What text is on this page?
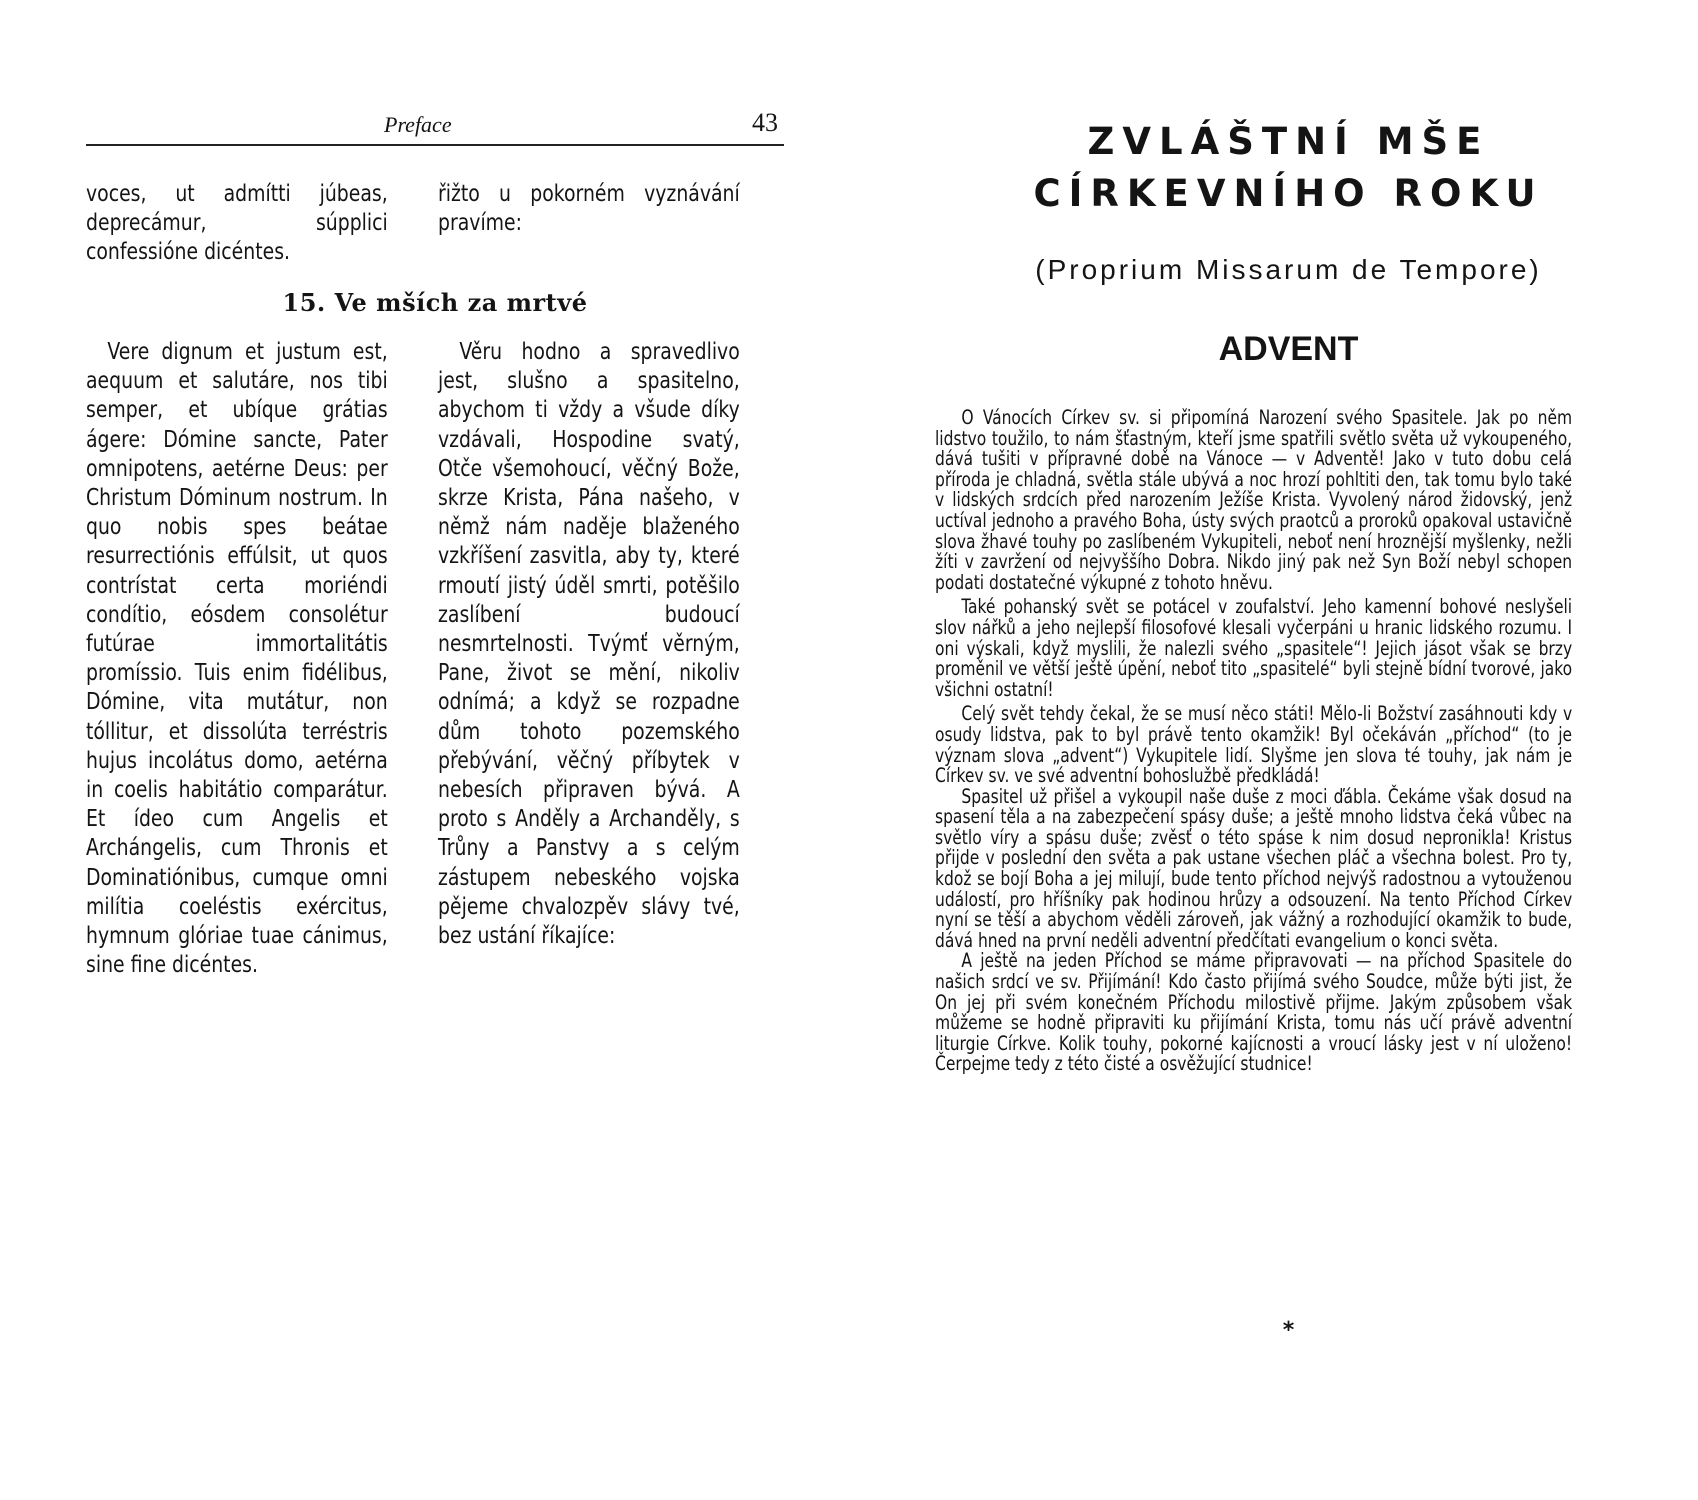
Preface	43

voces, ut admítti júbeas, deprecámur, súpplici confessióne dicéntes.

řižto u pokorném vyznávání pravíme:

15. Ve mších za mrtvé

Vere dignum et justum est, aequum et salutáre, nos tibi semper, et ubíque grátias ágere: Dómine sancte, Pater omnipotens, aetérne Deus: per Christum Dóminum nostrum. In quo nobis spes beátae resurrectiónis effúlsit, ut quos contrístat certa moriéndi condítio, eósdem consolétur futúrae immortalitátis promíssio. Tuis enim fidélibus, Dómine, vita mutátur, non tóllitur, et dissolúta terréstris hujus incolátus domo, aetérna in coelis habitátio comparátur. Et ídeo cum Angelis et Archángelis, cum Thronis et Dominatiónibus, cumque omni milítia coeléstis exércitus, hymnum glóriae tuae cánimus, sine fine dicéntes.

Věru hodno a spravedlivo jest, slušno a spasitelno, abychom ti vždy a všude díky vzdávali, Hospodine svatý, Otče všemohoucí, věčný Bože, skrze Krista, Pána našeho, v němž nám naděje blaženého vzkříšení zasvitla, aby ty, které rmoutí jistý úděl smrti, potěšilo zaslíbení budoucí nesmrtelnosti. Tvýmť věrným, Pane, život se mění, nikoliv odnímá; a když se rozpadne dům tohoto pozemského přebývání, věčný příbytek v nebesích připraven bývá. A proto s Anděly a Archanděly, s Trůny a Panstvy a s celým zástupem nebeského vojska pějeme chvalozpěv slávy tvé, bez ustání říkajíce:

ZVLÁŠTNÍ MŠE
CÍRKEVNÍHO ROKU
(Proprium Missarum de Tempore)
ADVENT

O Vánocích Církev sv. si připomíná Narození svého Spasitele. Jak po něm lidstvo toužilo, to nám šťastným, kteří jsme spatřili světlo světa už vykoupeného, dává tušiti v přípravné době na Vánoce — v Adventě! Jako v tuto dobu celá příroda je chladná, světla stále ubývá a noc hrozí pohltiti den, tak tomu bylo také v lidských srdcích před narozením Ježíše Krista. Vyvolený národ židovský, jenž uctíval jednoho a pravého Boha, ústy svých praotců a proroků opakoval ustavičně slova žhavé touhy po zaslíbeném Vykupiteli, neboť není hroznější myšlenky, nežli žíti v zavržení od nejvyššího Dobra. Nikdo jiný pak než Syn Boží nebyl schopen podati dostatečné výkupné z tohoto hněvu.

Také pohanský svět se potácel v zoufalství. Jeho kamenní bohové neslyšeli slov nářků a jeho nejlepší filosofové klesali vyčerpáni u hranic lidského rozumu. I oni výskali, když myslili, že nalezli svého „spasitele“! Jejich jásot však se brzy proměnil ve větší ještě úpění, neboť tito „spasitelé“ byli stejně bídní tvorové, jako všichni ostatní!

Celý svět tehdy čekal, že se musí něco státi! Mělo-li Božství zasáhnouti kdy v osudy lidstva, pak to byl právě tento okamžik! Byl očekáván „příchod“ (to je význam slova „advent“) Vykupitele lidí. Slyšme jen slova té touhy, jak nám je Církev sv. ve své adventní bohoslužbě předkládá!

Spasitel už přišel a vykoupil naše duše z moci ďábla. Čekáme však dosud na spasení těla a na zabezpečení spásy duše; a ještě mnoho lidstva čeká vůbec na světlo víry a spásu duše; zvěsť o této spáse k nim dosud nepronikla! Kristus přijde v poslední den světa a pak ustane všechen pláč a všechna bolest. Pro ty, kdož se bojí Boha a jej milují, bude tento příchod nejvýš radostnou a vytouženou událostí, pro hříšníky pak hodinou hrůzy a odsouzení. Na tento Příchod Církev nyní se těší a abychom věděli zároveň, jak vážný a rozhodující okamžik to bude, dává hned na první neděli adventní předčítati evangelium o konci světa.

A ještě na jeden Příchod se máme připravovati — na příchod Spasitele do našich srdcí ve sv. Přijímání! Kdo často přijímá svého Soudce, může býti jist, že On jej při svém konečném Příchodu milostivě přijme. Jakým způsobem však můžeme se hodně připraviti ku přijímání Krista, tomu nás učí právě adventní liturgie Církve. Kolik touhy, pokorné kajícnosti a vroucí lásky jest v ní uloženo! Čerpejme tedy z této čisté a osvěžující studnice!

*
